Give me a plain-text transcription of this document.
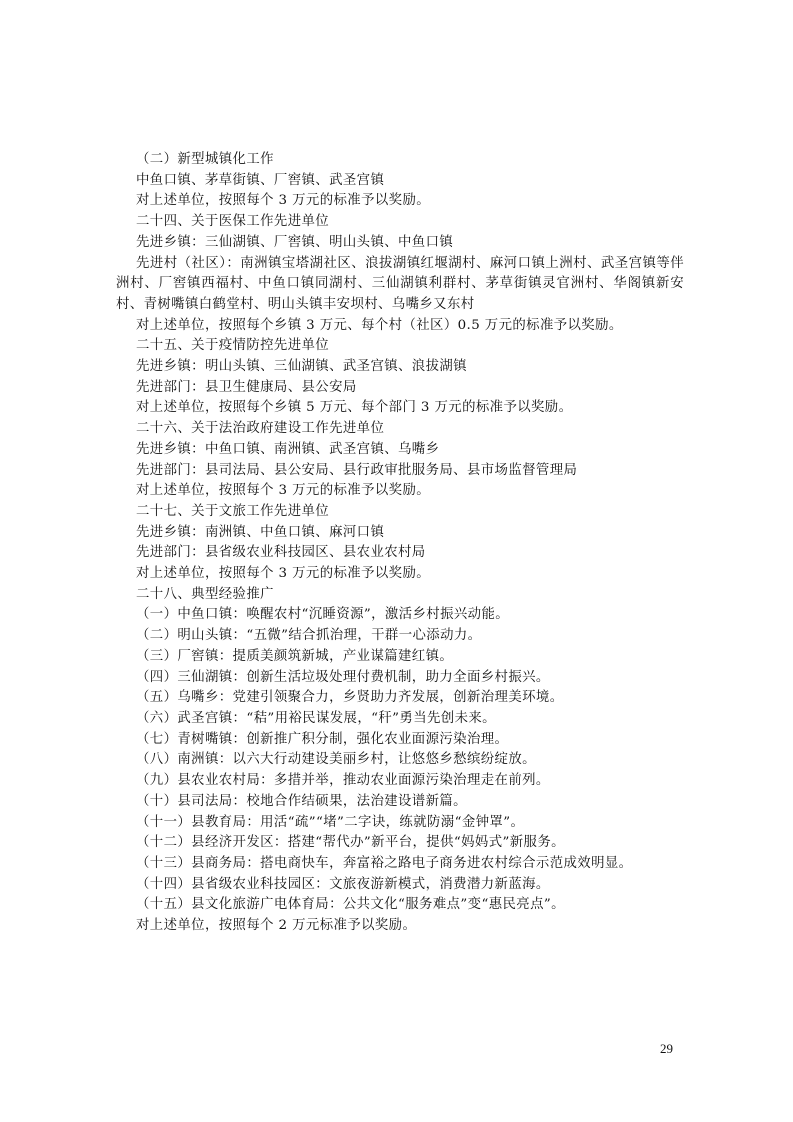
（二）新型城镇化工作

中鱼口镇、茅草街镇、厂窖镇、武圣宫镇

对上述单位，按照每个 3 万元的标准予以奖励。

二十四、关于医保工作先进单位

先进乡镇：三仙湖镇、厂窖镇、明山头镇、中鱼口镇

先进村（社区）：南洲镇宝塔湖社区、浪拔湖镇红堰湖村、麻河口镇上洲村、武圣宫镇等伴洲村、厂窖镇西福村、中鱼口镇同湖村、三仙湖镇利群村、茅草街镇灵官洲村、华阁镇新安村、青树嘴镇白鹤堂村、明山头镇丰安坝村、乌嘴乡又东村

对上述单位，按照每个乡镇 3 万元、每个村（社区）0.5 万元的标准予以奖励。

二十五、关于疫情防控先进单位

先进乡镇：明山头镇、三仙湖镇、武圣宫镇、浪拔湖镇

先进部门：县卫生健康局、县公安局

对上述单位，按照每个乡镇 5 万元、每个部门 3 万元的标准予以奖励。

二十六、关于法治政府建设工作先进单位

先进乡镇：中鱼口镇、南洲镇、武圣宫镇、乌嘴乡

先进部门：县司法局、县公安局、县行政审批服务局、县市场监督管理局

对上述单位，按照每个 3 万元的标准予以奖励。

二十七、关于文旅工作先进单位

先进乡镇：南洲镇、中鱼口镇、麻河口镇

先进部门：县省级农业科技园区、县农业农村局

对上述单位，按照每个 3 万元的标准予以奖励。

二十八、典型经验推广

（一）中鱼口镇：唤醒农村“沉睡资源”，激活乡村振兴动能。

（二）明山头镇：“五微”结合抓治理，干群一心添动力。

（三）厂窖镇：提质美颜筑新城，产业谋篇建红镇。

（四）三仙湖镇：创新生活垃圾处理付费机制，助力全面乡村振兴。

（五）乌嘴乡：党建引领聚合力，乡贤助力齐发展，创新治理美环境。

（六）武圣宫镇：“秸”用裕民谋发展，“秆”勇当先创未来。

（七）青树嘴镇：创新推广积分制，强化农业面源污染治理。

（八）南洲镇：以六大行动建设美丽乡村，让悠悠乡愁缤纷绽放。

（九）县农业农村局：多措并举，推动农业面源污染治理走在前列。

（十）县司法局：校地合作结硕果，法治建设谱新篇。

（十一）县教育局：用活“疏”“堵”二字诀，练就防溺“金钟罩”。

（十二）县经济开发区：搭建“帮代办”新平台，提供“妈妈式”新服务。

（十三）县商务局：搭电商快车，奔富裕之路电子商务进农村综合示范成效明显。

（十四）县省级农业科技园区：文旅夜游新模式，消费潜力新蓝海。

（十五）县文化旅游广电体育局：公共文化“服务难点”变“惠民亮点”。

对上述单位，按照每个 2 万元标准予以奖励。

29
